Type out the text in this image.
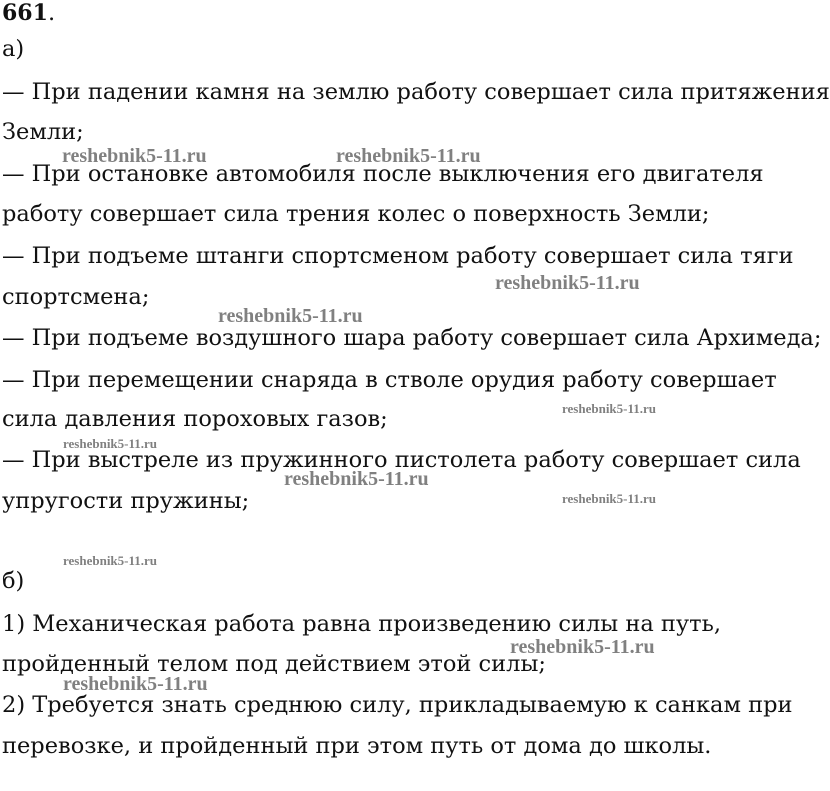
661.
а)
— При падении камня на землю работу совершает сила притяжения
Земли;
— При остановке автомобиля после выключения его двигателя
работу совершает сила трения колес о поверхность Земли;
— При подъеме штанги спортсменом работу совершает сила тяги
спортсмена;
— При подъеме воздушного шара работу совершает сила Архимеда;
— При перемещении снаряда в стволе орудия работу совершает
сила давления пороховых газов;
— При выстреле из пружинного пистолета работу совершает сила
упругости пружины;
б)
1) Механическая работа равна произведению силы на путь,
пройденный телом под действием этой силы;
2) Требуется знать среднюю силу, прикладываемую к санкам при
перевозке, и пройденный при этом путь от дома до школы.
reshebnik5-11.ru	reshebnik5-11.ru
reshebnik5-11.ru
reshebnik5-11.ru
reshebnik5-11.ru
reshebnik5-11.ru
reshebnik5-11.ru
reshebnik5-11.ru
reshebnik5-11.ru
reshebnik5-11.ru
reshebnik5-11.ru
